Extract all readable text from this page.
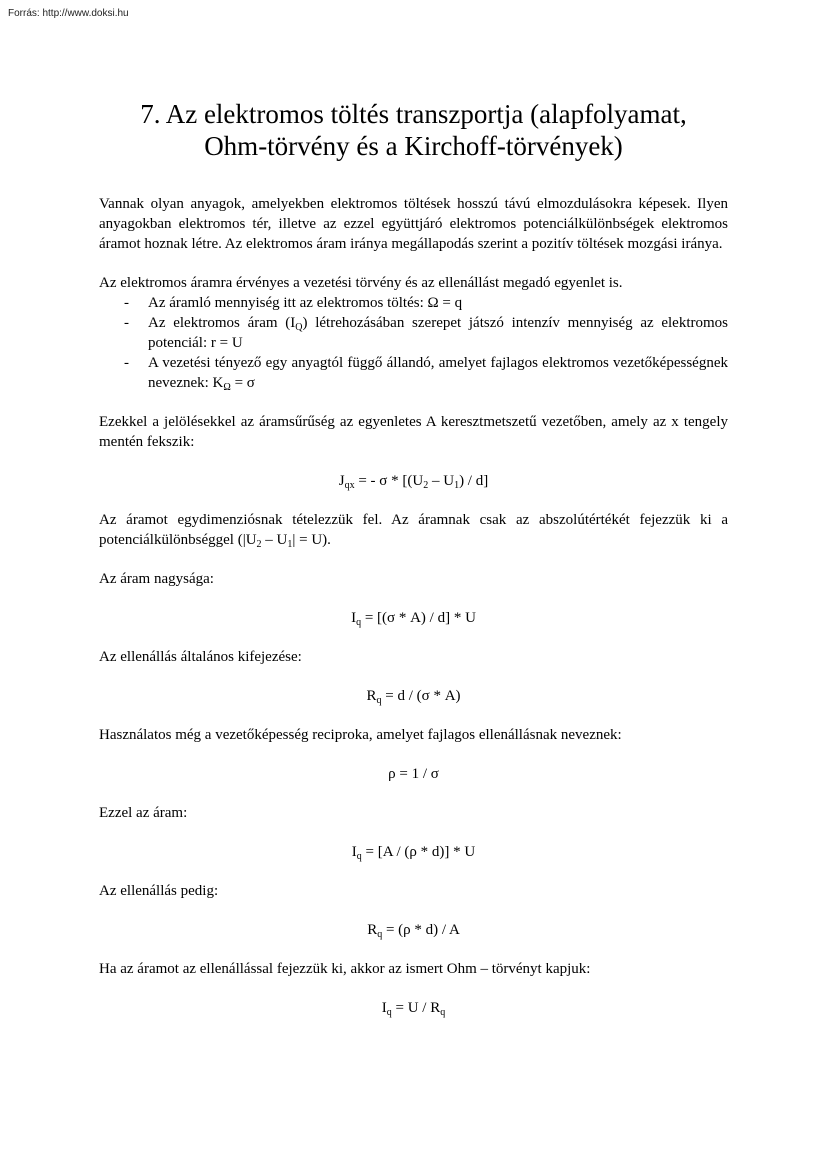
Forrás: http://www.doksi.hu
7. Az elektromos töltés transzportja (alapfolyamat,
Ohm-törvény és a Kirchoff-törvények)

Vannak olyan anyagok, amelyekben elektromos töltések hosszú távú elmozdulásokra képesek. Ilyen anyagokban elektromos tér, illetve az ezzel együttjáró elektromos potenciálkülönbségek elektromos áramot hoznak létre. Az elektromos áram iránya megállapodás szerint a pozitív töltések mozgási iránya.

Az elektromos áramra érvényes a vezetési törvény és az ellenállást megadó egyenlet is.

- Az áramló mennyiség itt az elektromos töltés: Ω = q
- Az elektromos áram $(I_Q)$ létrehozásában szerepet játszó intenzív mennyiség az elektromos potenciál: r = U
- A vezetési tényező egy anyagtól függő állandó, amelyet fajlagos elektromos vezetőképességnek neveznek: $K_\Omega = \sigma$

Ezekkel a jelölésekkel az áramsűrűség az egyenletes A keresztmetszetű vezetőben, amely az x tengely mentén fekszik:

$J_{qx}$ = - σ * $[(U_2 - U_1) / d]$

Az áramot egydimenziósnak tételezzük fel. Az áramnak csak az abszolútértékét fejezzük ki a potenciálkülönbséggel $(|U_2 - U_1| = U)$.

Az áram nagysága:

$I_q = [(\sigma * A) / d] * U$

Az ellenállás általános kifejezése:

$R_q = d / (\sigma * A)$

Használatos még a vezetőképesség reciproka, amelyet fajlagos ellenállásnak neveznek:

ρ = 1 / σ

Ezzel az áram:

$I_q = [A / (\rho * d)] * U$

Az ellenállás pedig:

$R_q = (\rho * d) / A$

Ha az áramot az ellenállással fejezzük ki, akkor az ismert Ohm – törvényt kapjuk:

$I_q = U / R_q$
